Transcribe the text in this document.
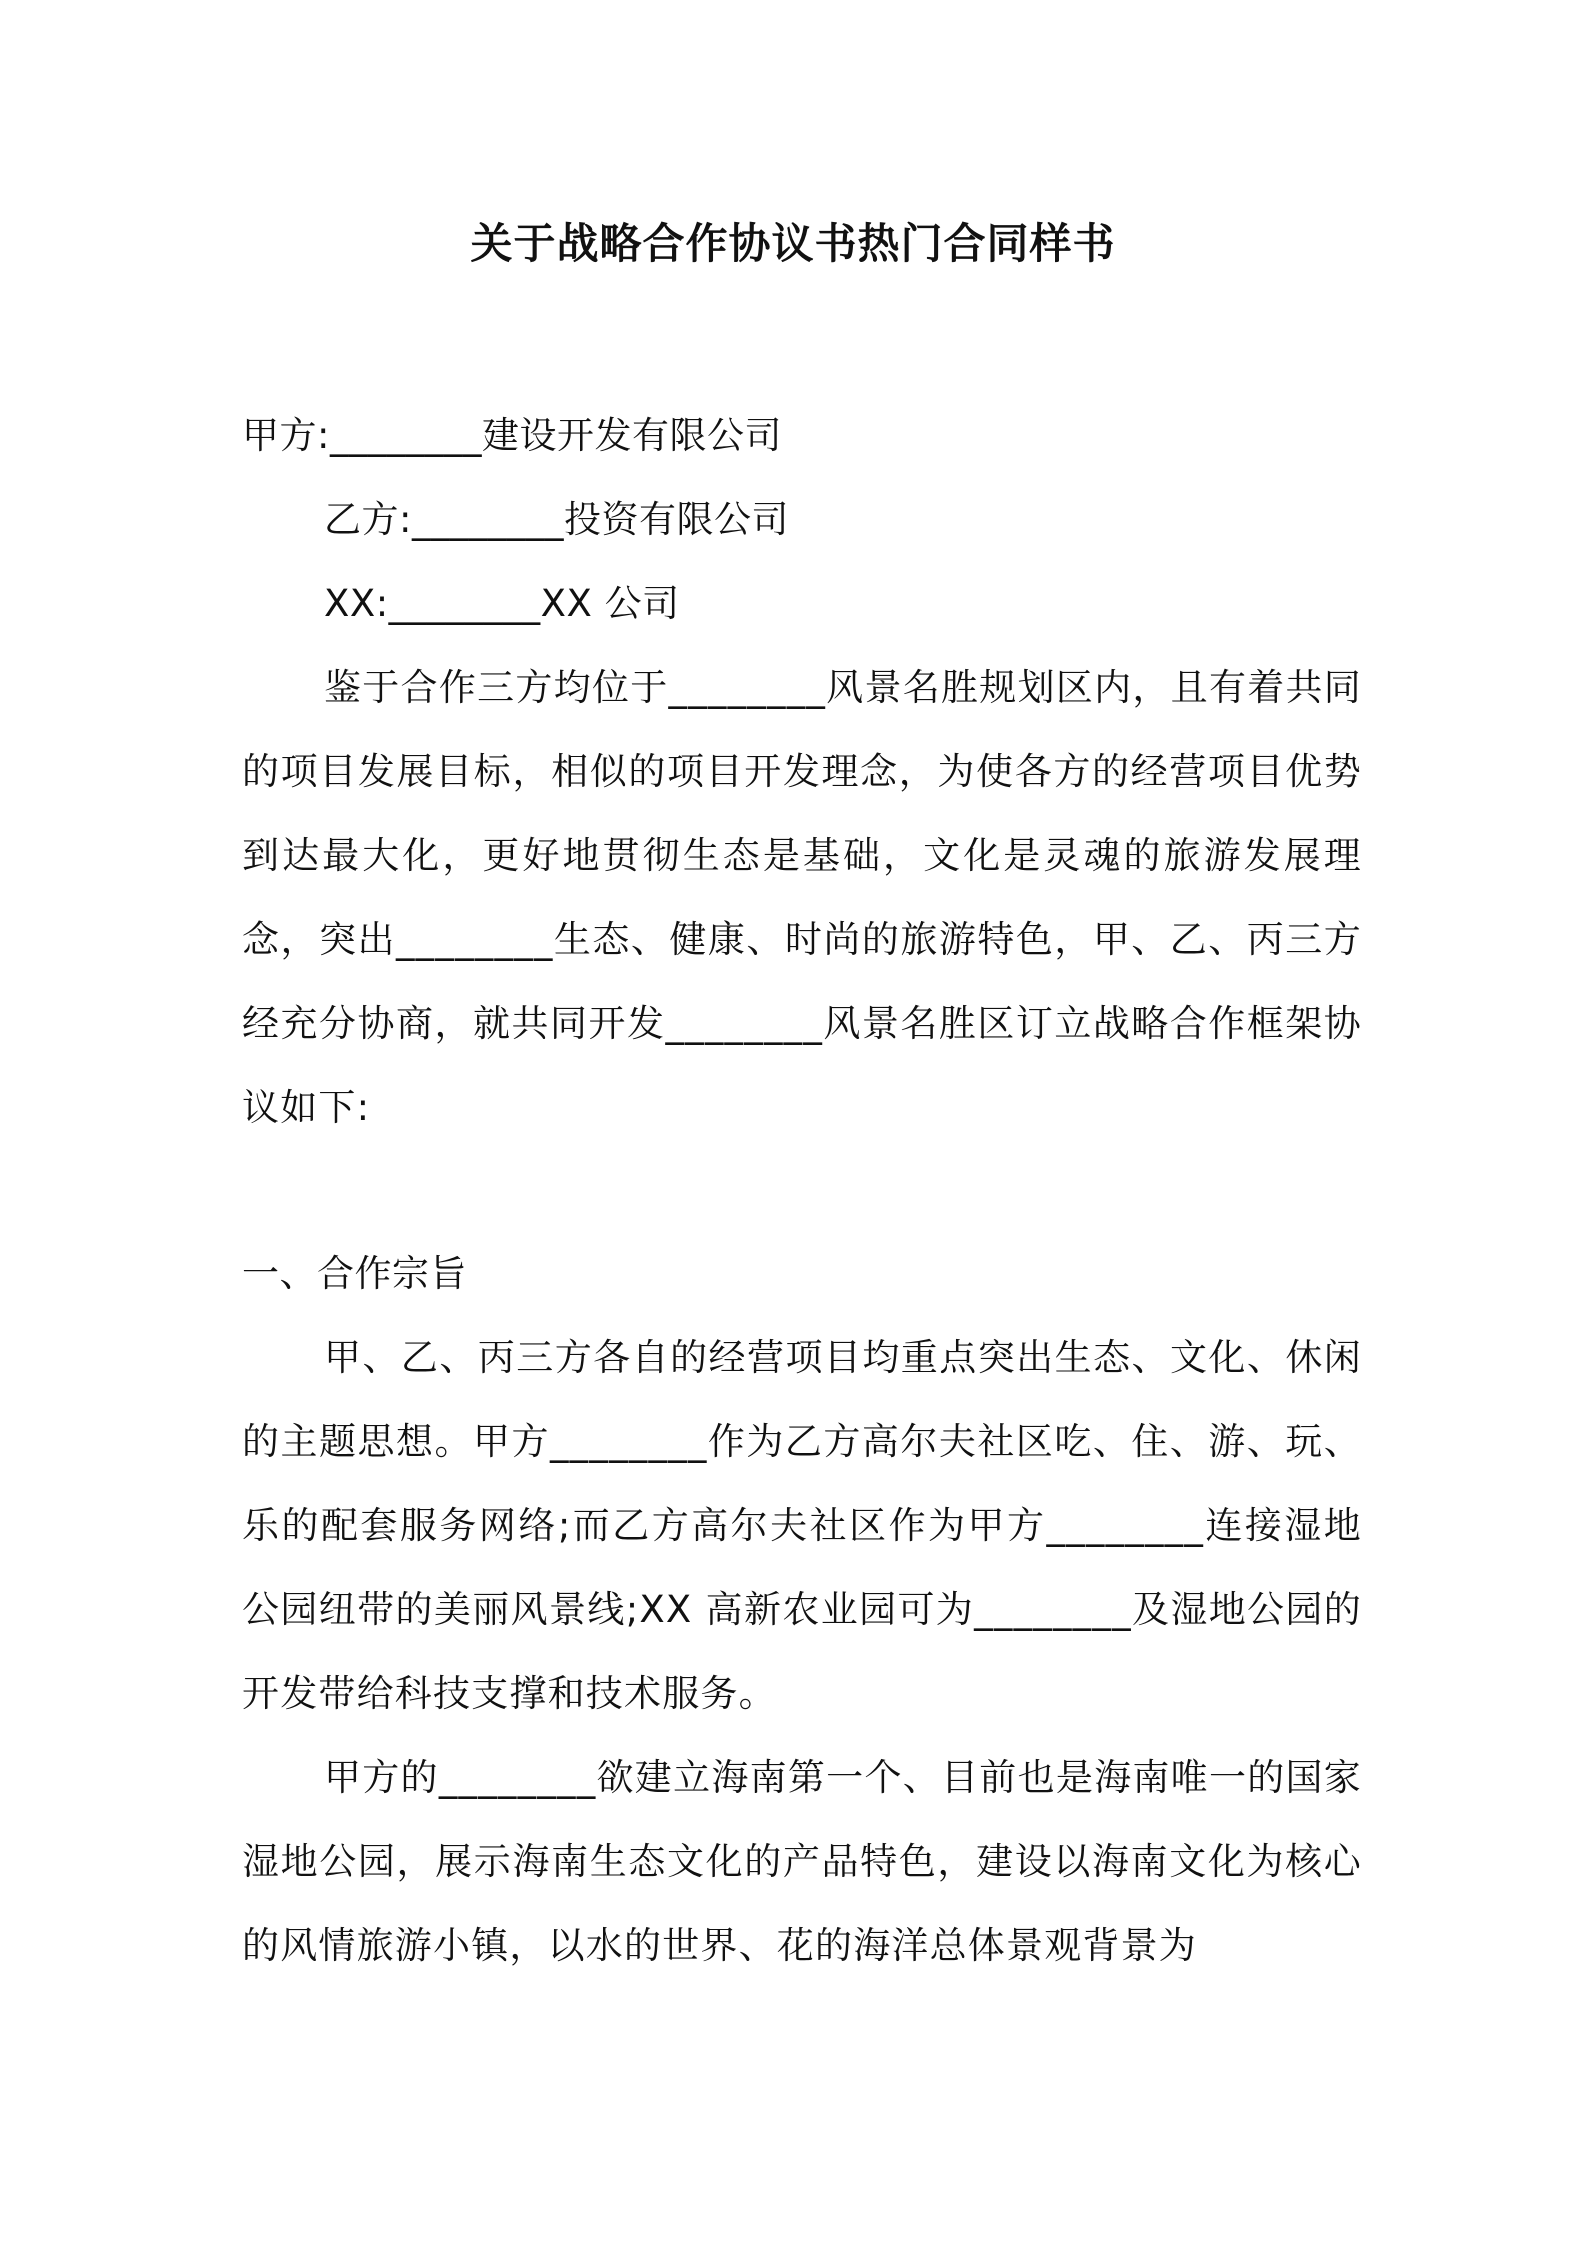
关于战略合作协议书热门合同样书
甲方:________建设开发有限公司
乙方:________投资有限公司
XX:________XX 公司

鉴于合作三方均位于________风景名胜规划区内，且有着共同的项目发展目标，相似的项目开发理念，为使各方的经营项目优势到达最大化，更好地贯彻生态是基础，文化是灵魂的旅游发展理念，突出________生态、健康、时尚的旅游特色，甲、乙、丙三方经充分协商，就共同开发________风景名胜区订立战略合作框架协议如下:

一、合作宗旨

甲、乙、丙三方各自的经营项目均重点突出生态、文化、休闲的主题思想。甲方________作为乙方高尔夫社区吃、住、游、玩、乐的配套服务网络;而乙方高尔夫社区作为甲方________连接湿地公园纽带的美丽风景线;XX 高新农业园可为________及湿地公园的开发带给科技支撑和技术服务。

甲方的________欲建立海南第一个、目前也是海南唯一的国家湿地公园，展示海南生态文化的产品特色，建设以海南文化为核心的风情旅游小镇，以水的世界、花的海洋总体景观背景为
